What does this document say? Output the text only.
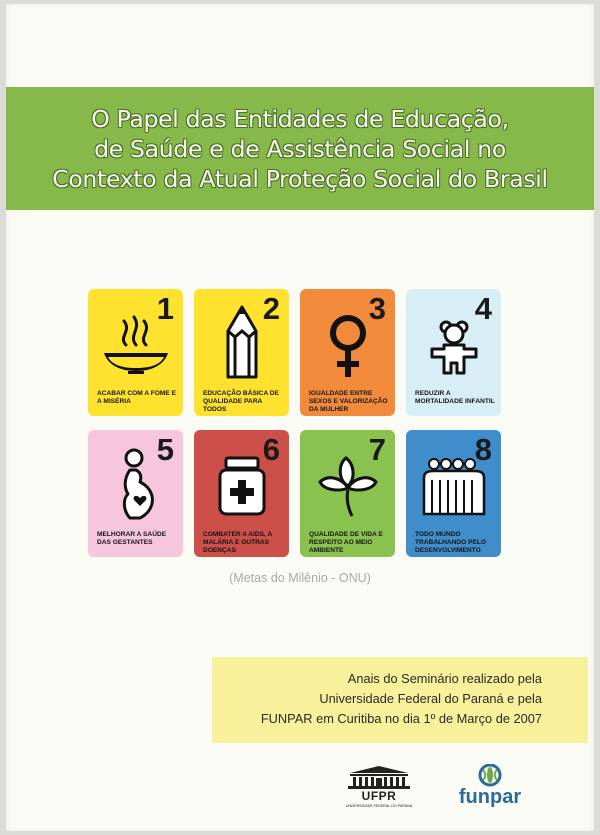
O Papel das Entidades de Educação,
de Saúde e de Assistência Social no
Contexto da Atual Proteção Social do Brasil
1
ACABAR COM A FOME E A MISÉRIA
2
EDUCAÇÃO BÁSICA DE QUALIDADE PARA TODOS
3
IGUALDADE ENTRE SEXOS E VALORIZAÇÃO DA MULHER
4
REDUZIR A MORTALIDADE INFANTIL
5
MELHORAR A SAÚDE DAS GESTANTES
6
COMBATER A AIDS, A MALÁRIA E OUTRAS DOENÇAS
7
QUALIDADE DE VIDA E RESPEITO AO MEIO AMBIENTE
8
TODO MUNDO TRABALHANDO PELO DESENVOLVIMENTO
(Metas do Milênio - ONU)

Anais do Seminário realizado pela
Universidade Federal do Paraná e pela
FUNPAR em Curitiba no dia 1º de Março de 2007

UFPR
UNIVERSIDADE FEDERAL DO PARANÁ	funpar
